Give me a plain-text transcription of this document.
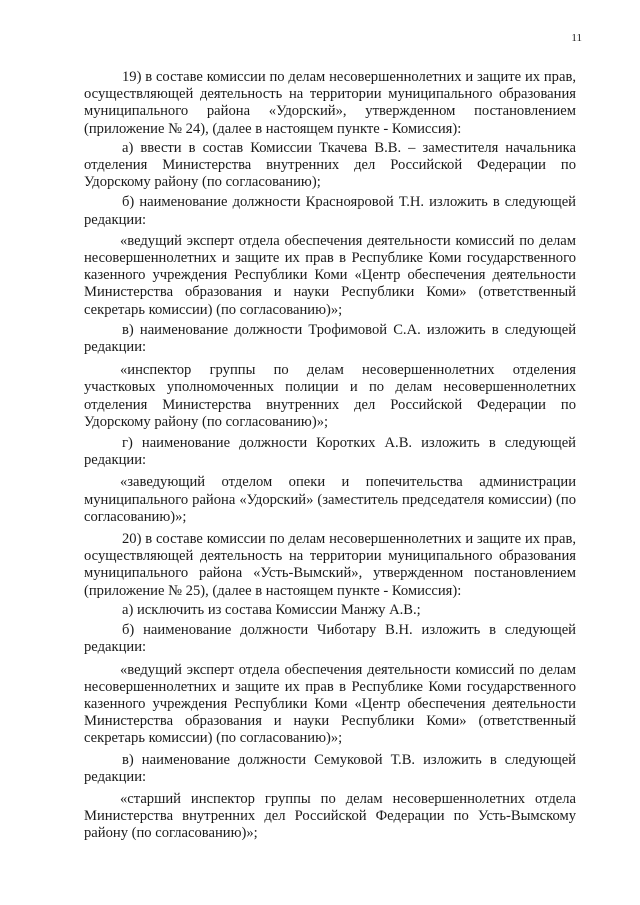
11

19) в составе комиссии по делам несовершеннолетних и защите их прав, осуществляющей деятельность на территории муниципального образования муниципального района «Удорский», утвержденном постановлением (приложение № 24), (далее в настоящем пункте - Комиссия):

а) ввести в состав Комиссии Ткачева В.В. – заместителя начальника отделения Министерства внутренних дел Российской Федерации по Удорскому району (по согласованию);

б) наименование должности Краснояровой Т.Н. изложить в следующей редакции:

«ведущий эксперт отдела обеспечения деятельности комиссий по делам несовершеннолетних и защите их прав в Республике Коми государственного казенного учреждения Республики Коми «Центр обеспечения деятельности Министерства образования и науки Республики Коми» (ответственный секретарь комиссии) (по согласованию)»;

в) наименование должности Трофимовой С.А. изложить в следующей редакции:

«инспектор группы по делам несовершеннолетних отделения участковых уполномоченных полиции и по делам несовершеннолетних отделения Министерства внутренних дел Российской Федерации по Удорскому району (по согласованию)»;

г) наименование должности Коротких А.В. изложить в следующей редакции:

«заведующий отделом опеки и попечительства администрации муниципального района «Удорский» (заместитель председателя комиссии) (по согласованию)»;

20) в составе комиссии по делам несовершеннолетних и защите их прав, осуществляющей деятельность на территории муниципального образования муниципального района «Усть-Вымский», утвержденном постановлением (приложение № 25), (далее в настоящем пункте - Комиссия):

а) исключить из состава Комиссии Манжу А.В.;

б) наименование должности Чиботару В.Н. изложить в следующей редакции:

«ведущий эксперт отдела обеспечения деятельности комиссий по делам несовершеннолетних и защите их прав в Республике Коми государственного казенного учреждения Республики Коми «Центр обеспечения деятельности Министерства образования и науки Республики Коми» (ответственный секретарь комиссии) (по согласованию)»;

в) наименование должности Семуковой Т.В. изложить в следующей редакции:

«старший инспектор группы по делам несовершеннолетних отдела Министерства внутренних дел Российской Федерации по Усть-Вымскому району (по согласованию)»;
